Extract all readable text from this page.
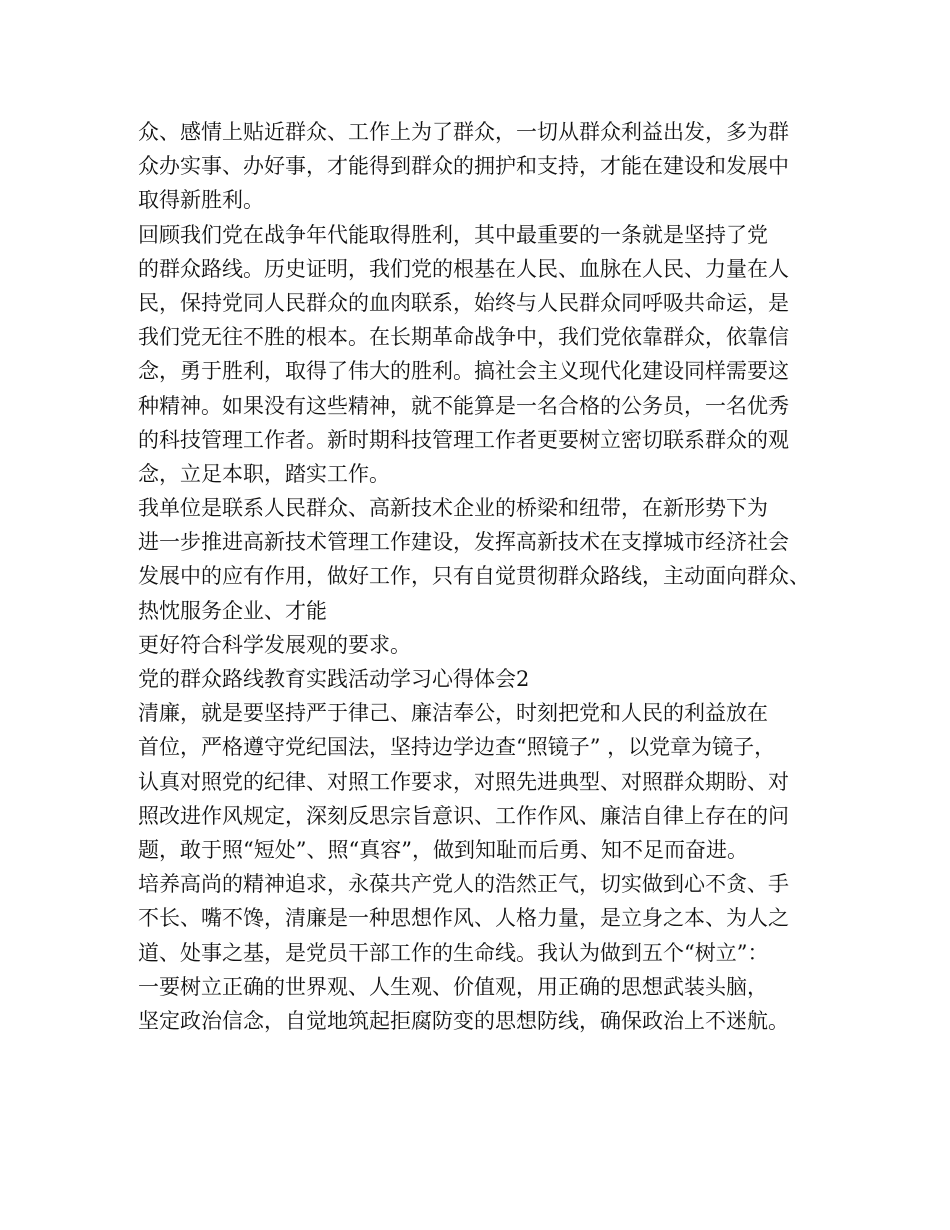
众、感情上贴近群众、工作上为了群众，一切从群众利益出发，多为群
众办实事、办好事，才能得到群众的拥护和支持，才能在建设和发展中
取得新胜利。
回顾我们党在战争年代能取得胜利，其中最重要的一条就是坚持了党
的群众路线。历史证明，我们党的根基在人民、血脉在人民、力量在人
民，保持党同人民群众的血肉联系，始终与人民群众同呼吸共命运，是
我们党无往不胜的根本。在长期革命战争中，我们党依靠群众，依靠信
念，勇于胜利，取得了伟大的胜利。搞社会主义现代化建设同样需要这
种精神。如果没有这些精神，就不能算是一名合格的公务员，一名优秀
的科技管理工作者。新时期科技管理工作者更要树立密切联系群众的观
念，立足本职，踏实工作。
我单位是联系人民群众、高新技术企业的桥梁和纽带，在新形势下为
进一步推进高新技术管理工作建设，发挥高新技术在支撑城市经济社会
发展中的应有作用，做好工作，只有自觉贯彻群众路线，主动面向群众、
热忱服务企业、才能
更好符合科学发展观的要求。
党的群众路线教育实践活动学习心得体会2
清廉，就是要坚持严于律己、廉洁奉公，时刻把党和人民的利益放在
首位，严格遵守党纪国法，坚持边学边查“照镜子” ，以党章为镜子，
认真对照党的纪律、对照工作要求，对照先进典型、对照群众期盼、对
照改进作风规定，深刻反思宗旨意识、工作作风、廉洁自律上存在的问
题，敢于照“短处”、照“真容”，做到知耻而后勇、知不足而奋进。
培养高尚的精神追求，永葆共产党人的浩然正气，切实做到心不贪、手
不长、嘴不馋，清廉是一种思想作风、人格力量，是立身之本、为人之
道、处事之基，是党员干部工作的生命线。我认为做到五个“树立”：
一要树立正确的世界观、人生观、价值观，用正确的思想武装头脑，
坚定政治信念，自觉地筑起拒腐防变的思想防线，确保政治上不迷航。
